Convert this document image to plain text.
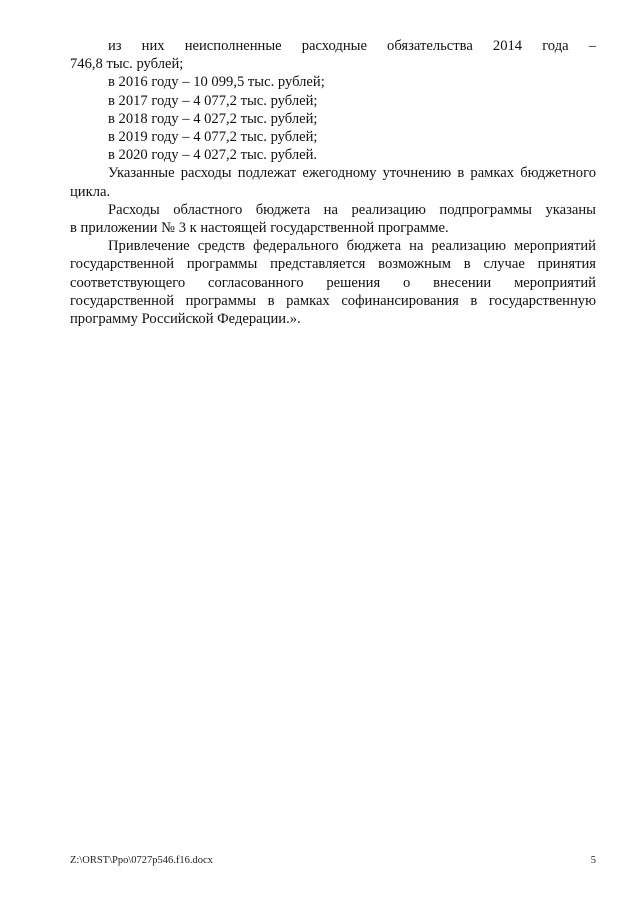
из них неисполненные расходные обязательства 2014 года –
746,8 тыс. рублей;

в 2016 году – 10 099,5 тыс. рублей;

в 2017 году – 4 077,2 тыс. рублей;

в 2018 году – 4 027,2 тыс. рублей;

в 2019 году – 4 077,2 тыс. рублей;

в 2020 году – 4 027,2 тыс. рублей.

Указанные расходы подлежат ежегодному уточнению в рамках бюджетного
цикла.
Расходы областного бюджета на реализацию подпрограммы указаны
в приложении № 3 к настоящей государственной программе.
Привлечение средств федерального бюджета на реализацию мероприятий
государственной программы представляется возможным в случае принятия
соответствующего согласованного решения о внесении мероприятий
государственной программы в рамках софинансирования в государственную
программу Российской Федерации.».
Z:\ORST\Ppo\0727p546.f16.docx	5
